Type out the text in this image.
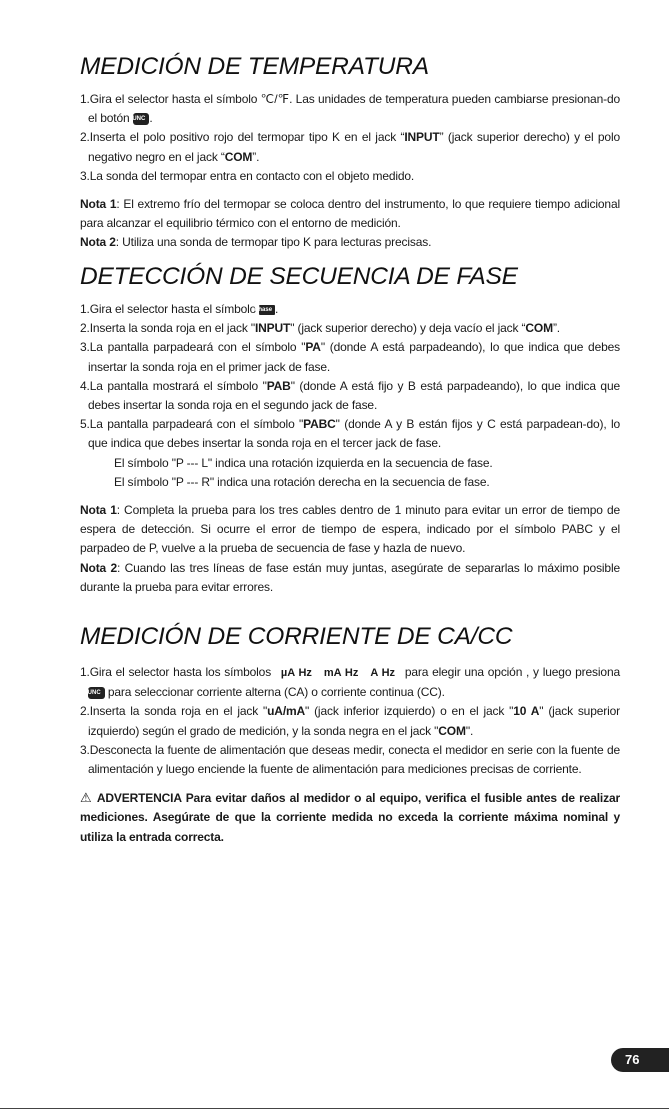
MEDICIÓN DE TEMPERATURA

1.Gira el selector hasta el símbolo ℃/℉. Las unidades de temperatura pueden cambiarse presionan-do el botón FUNC .

2.Inserta el polo positivo rojo del termopar tipo K en el jack “INPUT” (jack superior derecho) y el polo negativo negro en el jack “COM”.

3.La sonda del termopar entra en contacto con el objeto medido.

Nota 1: El extremo frío del termopar se coloca dentro del instrumento, lo que requiere tiempo adicional para alcanzar el equilibrio térmico con el entorno de medición.

Nota 2: Utiliza una sonda de termopar tipo K para lecturas precisas.

DETECCIÓN DE SECUENCIA DE FASE

1.Gira el selector hasta el símbolo Phase .

2.Inserta la sonda roja en el jack "INPUT" (jack superior derecho) y deja vacío el jack “COM”.

3.La pantalla parpadeará con el símbolo "PA" (donde A está parpadeando), lo que indica que debes insertar la sonda roja en el primer jack de fase.

4.La pantalla mostrará el símbolo "PAB" (donde A está fijo y B está parpadeando), lo que indica que debes insertar la sonda roja en el segundo jack de fase.

5.La pantalla parpadeará con el símbolo "PABC" (donde A y B están fijos y C está parpadean-do), lo que indica que debes insertar la sonda roja en el tercer jack de fase.

El símbolo "P --- L" indica una rotación izquierda en la secuencia de fase.

El símbolo "P --- R" indica una rotación derecha en la secuencia de fase.

Nota 1: Completa la prueba para los tres cables dentro de 1 minuto para evitar un error de tiempo de espera de detección. Si ocurre el error de tiempo de espera, indicado por el símbolo PABC y el parpadeo de P, vuelve a la prueba de secuencia de fase y hazla de nuevo.

Nota 2: Cuando las tres líneas de fase están muy juntas, asegúrate de separarlas lo máximo posible durante la prueba para evitar errores.

MEDICIÓN DE CORRIENTE DE CA/CC

1.Gira el selector hasta los símbolos µA Hz mA Hz A Hz para elegir una opción , y luego presiona FUNC para seleccionar corriente alterna (CA) o corriente continua (CC).

2.Inserta la sonda roja en el jack "uA/mA" (jack inferior izquierdo) o en el jack "10 A" (jack superior izquierdo) según el grado de medición, y la sonda negra en el jack "COM".

3.Desconecta la fuente de alimentación que deseas medir, conecta el medidor en serie con la fuente de alimentación y luego enciende la fuente de alimentación para mediciones precisas de corriente.

⚠ ADVERTENCIA Para evitar daños al medidor o al equipo, verifica el fusible antes de realizar mediciones. Asegúrate de que la corriente medida no exceda la corriente máxima nominal y utiliza la entrada correcta.

76
